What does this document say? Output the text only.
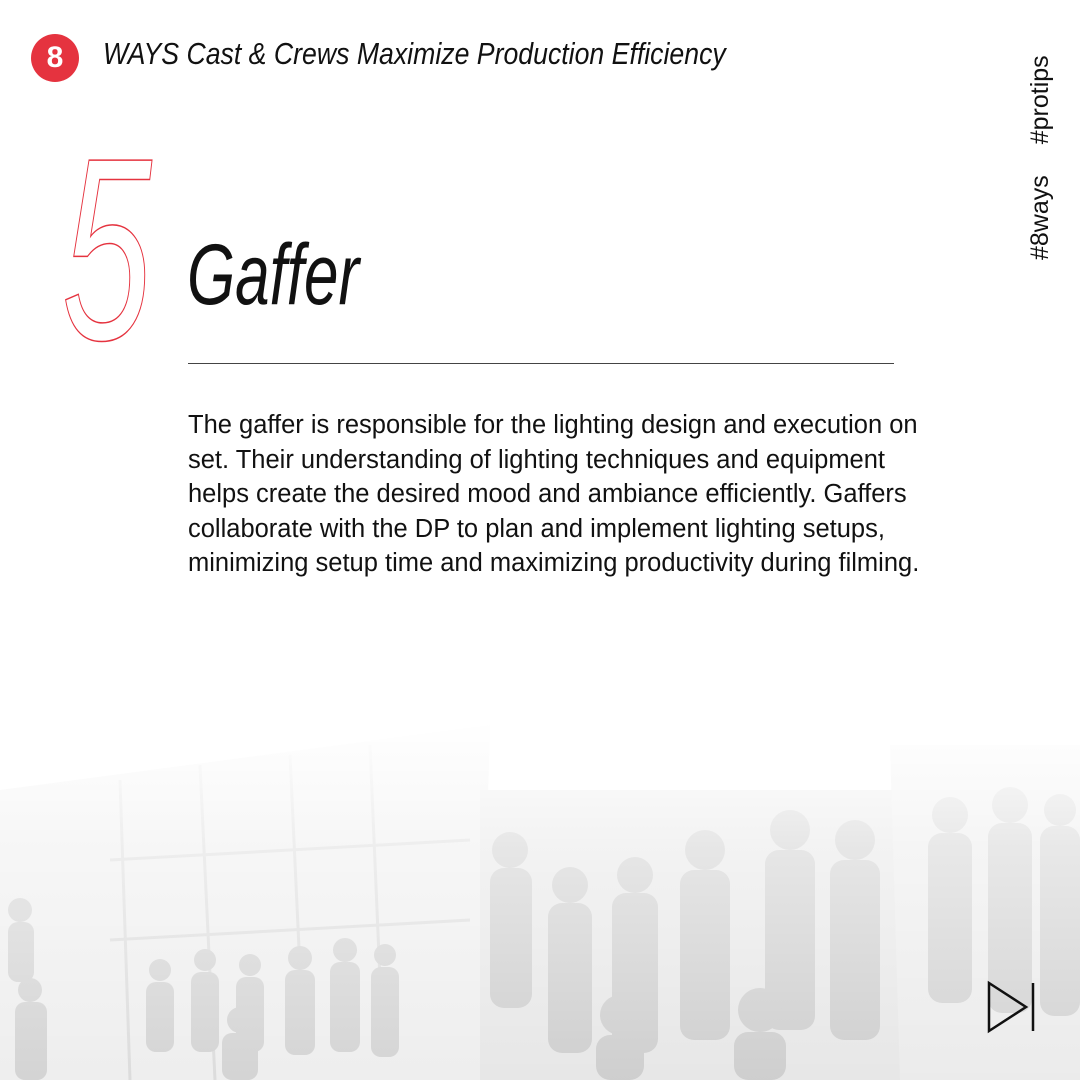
8	WAYS Cast & Crews Maximize Production Efficiency
#8ways #protips
5 Gaffer

The gaffer is responsible for the lighting design and execution on set. Their understanding of lighting techniques and equipment helps create the desired mood and ambiance efficiently. Gaffers collaborate with the DP to plan and implement lighting setups, minimizing setup time and maximizing productivity during filming.
